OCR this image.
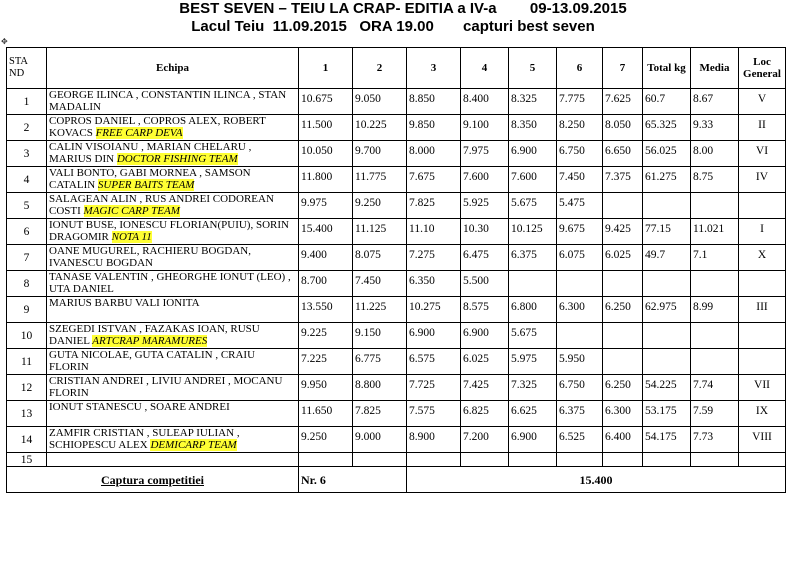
BEST SEVEN – TEIU LA CRAP- EDITIA a IV-a 09-13.09.2015
Lacul Teiu  11.09.2015   ORA 19.00 capturi best seven
✥
STA ND	Echipa	1	2	3	4	5	6	7	Total kg	Media	Loc General
1	GEORGE ILINCA , CONSTANTIN ILINCA , STAN MADALIN	10.675	9.050	8.850	8.400	8.325	7.775	7.625	60.7	8.67	V
2	COPROS DANIEL , COPROS ALEX, ROBERT KOVACS FREE CARP DEVA	11.500	10.225	9.850	9.100	8.350	8.250	8.050	65.325	9.33	II
3	CALIN VISOIANU , MARIAN CHELARU , MARIUS DIN DOCTOR FISHING TEAM	10.050	9.700	8.000	7.975	6.900	6.750	6.650	56.025	8.00	VI
4	VALI BONTO, GABI MORNEA , SAMSON CATALIN SUPER BAITS TEAM	11.800	11.775	7.675	7.600	7.600	7.450	7.375	61.275	8.75	IV
5	SALAGEAN ALIN , RUS ANDREI CODOREAN COSTI MAGIC CARP TEAM	9.975	9.250	7.825	5.925	5.675	5.475				
6	IONUT BUSE, IONESCU FLORIAN(PUIU), SORIN DRAGOMIR NOTA 11	15.400	11.125	11.10	10.30	10.125	9.675	9.425	77.15	11.021	I
7	OANE MUGUREL, RACHIERU BOGDAN, IVANESCU BOGDAN	9.400	8.075	7.275	6.475	6.375	6.075	6.025	49.7	7.1	X
8	TANASE VALENTIN , GHEORGHE IONUT (LEO) , UTA DANIEL	8.700	7.450	6.350	5.500						
9	MARIUS BARBU VALI IONITA	13.550	11.225	10.275	8.575	6.800	6.300	6.250	62.975	8.99	III
10	SZEGEDI ISTVAN , FAZAKAS IOAN, RUSU DANIEL ARTCRAP MARAMURES	9.225	9.150	6.900	6.900	5.675					
11	GUTA NICOLAE, GUTA CATALIN , CRAIU FLORIN	7.225	6.775	6.575	6.025	5.975	5.950				
12	CRISTIAN ANDREI , LIVIU ANDREI , MOCANU FLORIN	9.950	8.800	7.725	7.425	7.325	6.750	6.250	54.225	7.74	VII
13	IONUT STANESCU , SOARE ANDREI	11.650	7.825	7.575	6.825	6.625	6.375	6.300	53.175	7.59	IX
14	ZAMFIR CRISTIAN , SULEAP IULIAN , SCHIOPESCU ALEX DEMICARP TEAM	9.250	9.000	8.900	7.200	6.900	6.525	6.400	54.175	7.73	VIII
15											
Captura competitiei		Nr. 6		15.400							
